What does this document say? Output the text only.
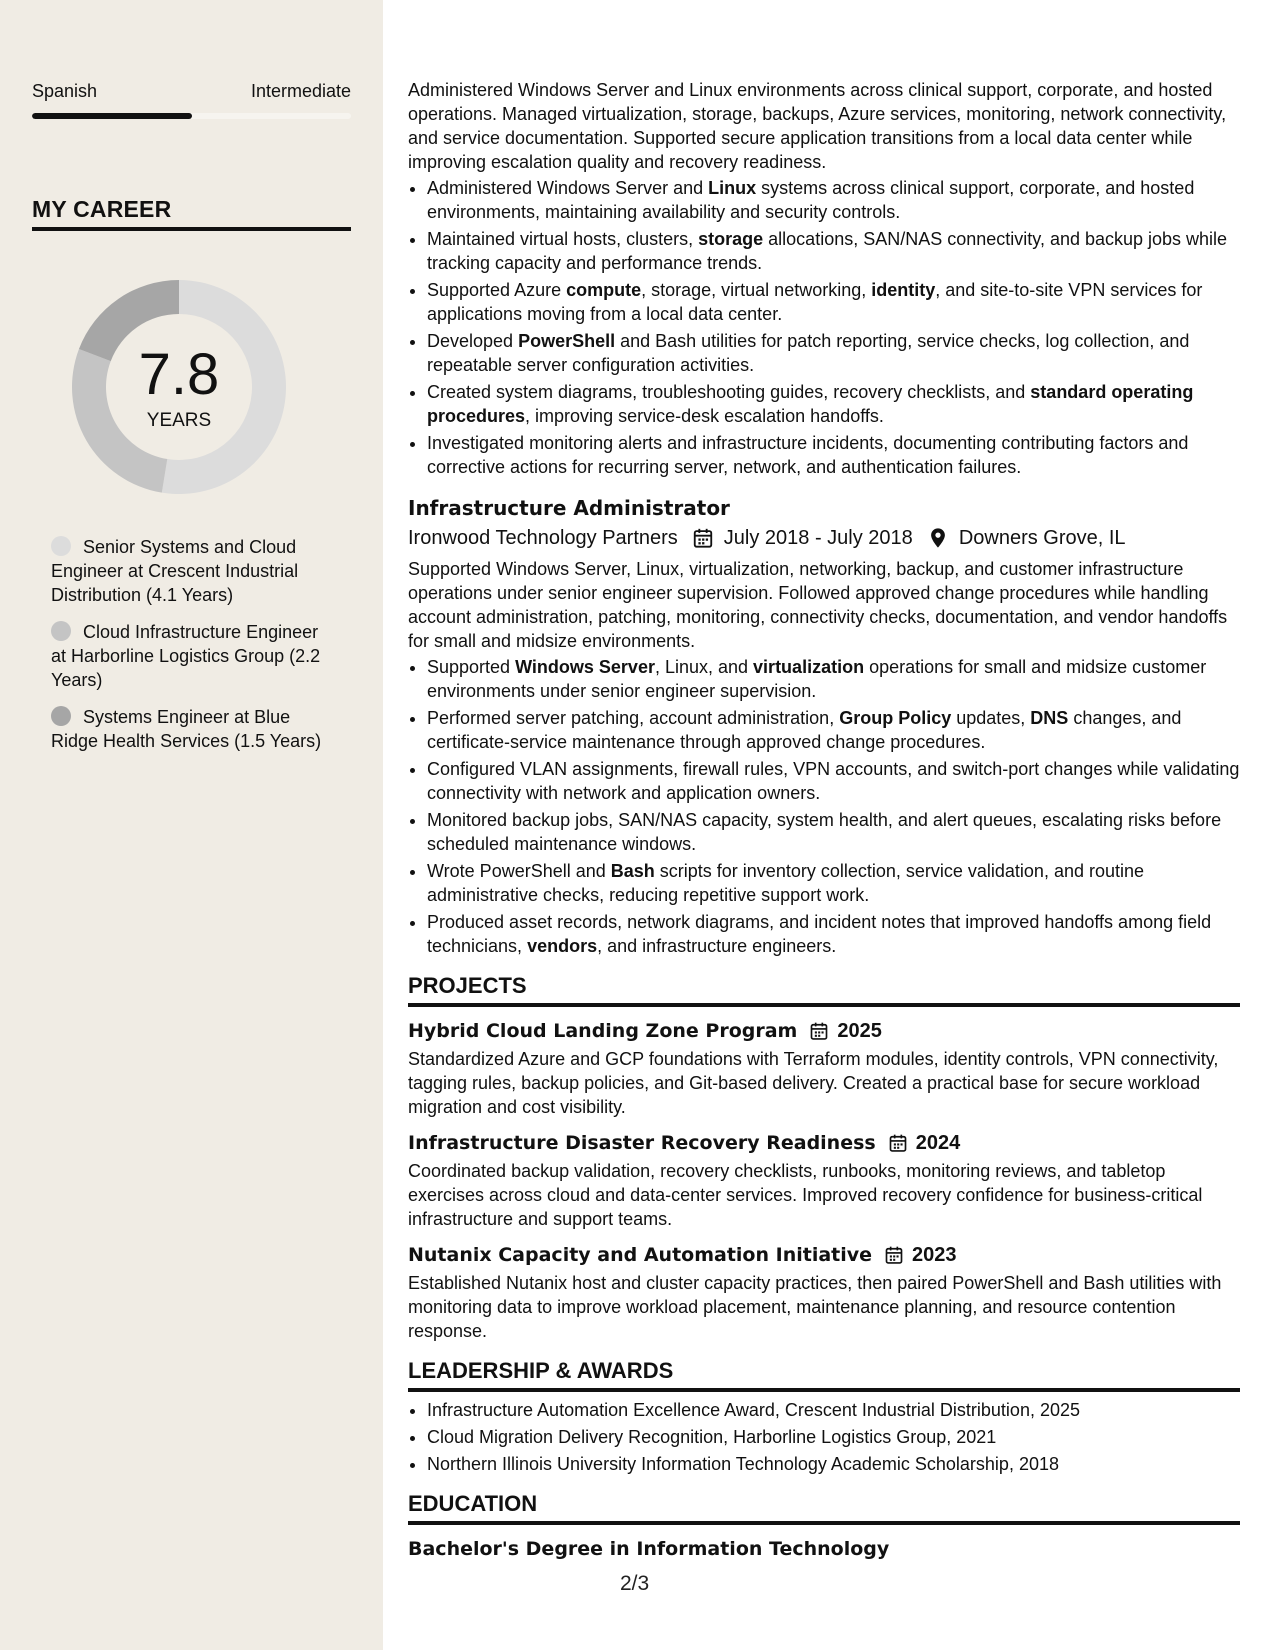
Spanish	Intermediate
MY CAREER
7.8
YEARS
Senior Systems and Cloud Engineer at Crescent Industrial Distribution (4.1 Years)
Cloud Infrastructure Engineer at Harborline Logistics Group (2.2 Years)
Systems Engineer at Blue Ridge Health Services (1.5 Years)

Administered Windows Server and Linux environments across clinical support, corporate, and hosted operations. Managed virtualization, storage, backups, Azure services, monitoring, network connectivity, and service documentation. Supported secure application transitions from a local data center while improving escalation quality and recovery readiness.

• Administered Windows Server and Linux systems across clinical support, corporate, and hosted environments, maintaining availability and security controls.
• Maintained virtual hosts, clusters, storage allocations, SAN/NAS connectivity, and backup jobs while tracking capacity and performance trends.
• Supported Azure compute, storage, virtual networking, identity, and site-to-site VPN services for applications moving from a local data center.
• Developed PowerShell and Bash utilities for patch reporting, service checks, log collection, and repeatable server configuration activities.
• Created system diagrams, troubleshooting guides, recovery checklists, and standard operating procedures, improving service-desk escalation handoffs.
• Investigated monitoring alerts and infrastructure incidents, documenting contributing factors and corrective actions for recurring server, network, and authentication failures.
Infrastructure Administrator
Ironwood Technology Partners July 2018 - July 2018 Downers Grove, IL

Supported Windows Server, Linux, virtualization, networking, backup, and customer infrastructure operations under senior engineer supervision. Followed approved change procedures while handling account administration, patching, monitoring, connectivity checks, documentation, and vendor handoffs for small and midsize environments.

• Supported Windows Server, Linux, and virtualization operations for small and midsize customer environments under senior engineer supervision.
• Performed server patching, account administration, Group Policy updates, DNS changes, and certificate-service maintenance through approved change procedures.
• Configured VLAN assignments, firewall rules, VPN accounts, and switch-port changes while validating connectivity with network and application owners.
• Monitored backup jobs, SAN/NAS capacity, system health, and alert queues, escalating risks before scheduled maintenance windows.
• Wrote PowerShell and Bash scripts for inventory collection, service validation, and routine administrative checks, reducing repetitive support work.
• Produced asset records, network diagrams, and incident notes that improved handoffs among field technicians, vendors, and infrastructure engineers.
PROJECTS
Hybrid Cloud Landing Zone Program 2025

Standardized Azure and GCP foundations with Terraform modules, identity controls, VPN connectivity, tagging rules, backup policies, and Git-based delivery. Created a practical base for secure workload migration and cost visibility.

Infrastructure Disaster Recovery Readiness 2024

Coordinated backup validation, recovery checklists, runbooks, monitoring reviews, and tabletop exercises across cloud and data-center services. Improved recovery confidence for business-critical infrastructure and support teams.

Nutanix Capacity and Automation Initiative 2023

Established Nutanix host and cluster capacity practices, then paired PowerShell and Bash utilities with monitoring data to improve workload placement, maintenance planning, and resource contention response.

LEADERSHIP & AWARDS
• Infrastructure Automation Excellence Award, Crescent Industrial Distribution, 2025
• Cloud Migration Delivery Recognition, Harborline Logistics Group, 2021
• Northern Illinois University Information Technology Academic Scholarship, 2018
EDUCATION
Bachelor's Degree in Information Technology
2/3
